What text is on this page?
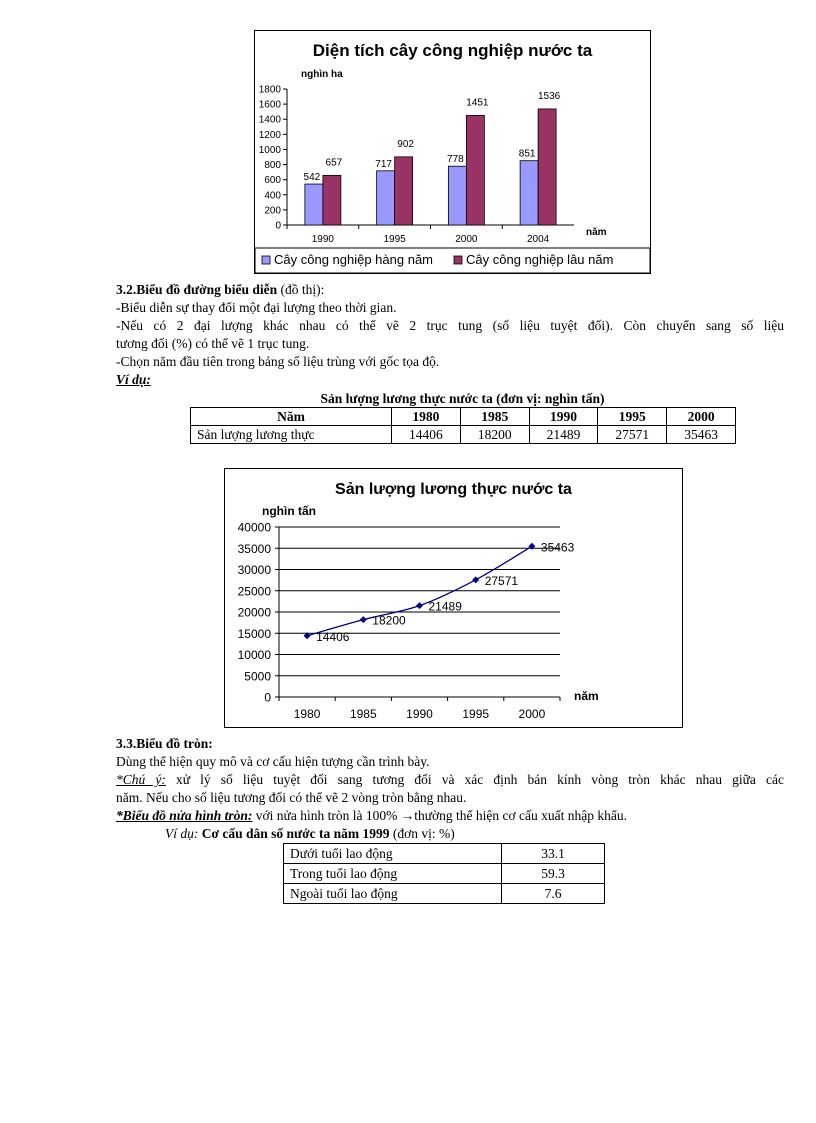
Diện tích cây công nghiệp nước ta
nghìn ha
0
200
400
600
800
1000
1200
1400
1600
1800
1990
542
657
1995
717
902
2000
778
1451
2004
851
1536
năm
Cây công nghiệp hàng năm	Cây công nghiệp lâu năm
3.2.Biểu đồ đường biểu diễn (đồ thị):
-Biểu diễn sự thay đổi một đại lượng theo thời gian.
-Nếu có 2 đại lượng khác nhau có thể vẽ 2 trục tung (số liệu tuyệt đối). Còn chuyển sang số liệu
tương đối (%) có thể vẽ 1 trục tung.
-Chọn năm đầu tiên trong bảng số liệu trùng với gốc tọa độ.
Ví dụ:
Sản lượng lương thực nước ta (đơn vị: nghìn tấn)
Năm	1980	1985	1990	1995	2000
Sản lượng lương thực	14406	18200	21489	27571	35463
Sản lượng lương thực nước ta
nghìn tấn
0
5000
10000
15000
20000
25000
30000
35000
40000
1980 1985 1990 1995 2000
năm
14406
18200
21489
27571
35463
3.3.Biểu đồ tròn:
Dùng thể hiện quy mô và cơ cấu hiện tượng cần trình bày.
*Chú ý: xử lý số liệu tuyệt đối sang tương đối và xác định bán kính vòng tròn khác nhau giữa các
năm. Nếu cho số liệu tương đối có thể vẽ 2 vòng tròn bằng nhau.
*Biểu đồ nửa hình tròn: với nửa hình tròn là 100% →thường thể hiện cơ cấu xuất nhập khẩu.
Ví dụ: Cơ cấu dân số nước ta năm 1999 (đơn vị: %)
Dưới tuổi lao động	33.1
Trong tuổi lao động	59.3
Ngoài tuổi lao động	7.6
